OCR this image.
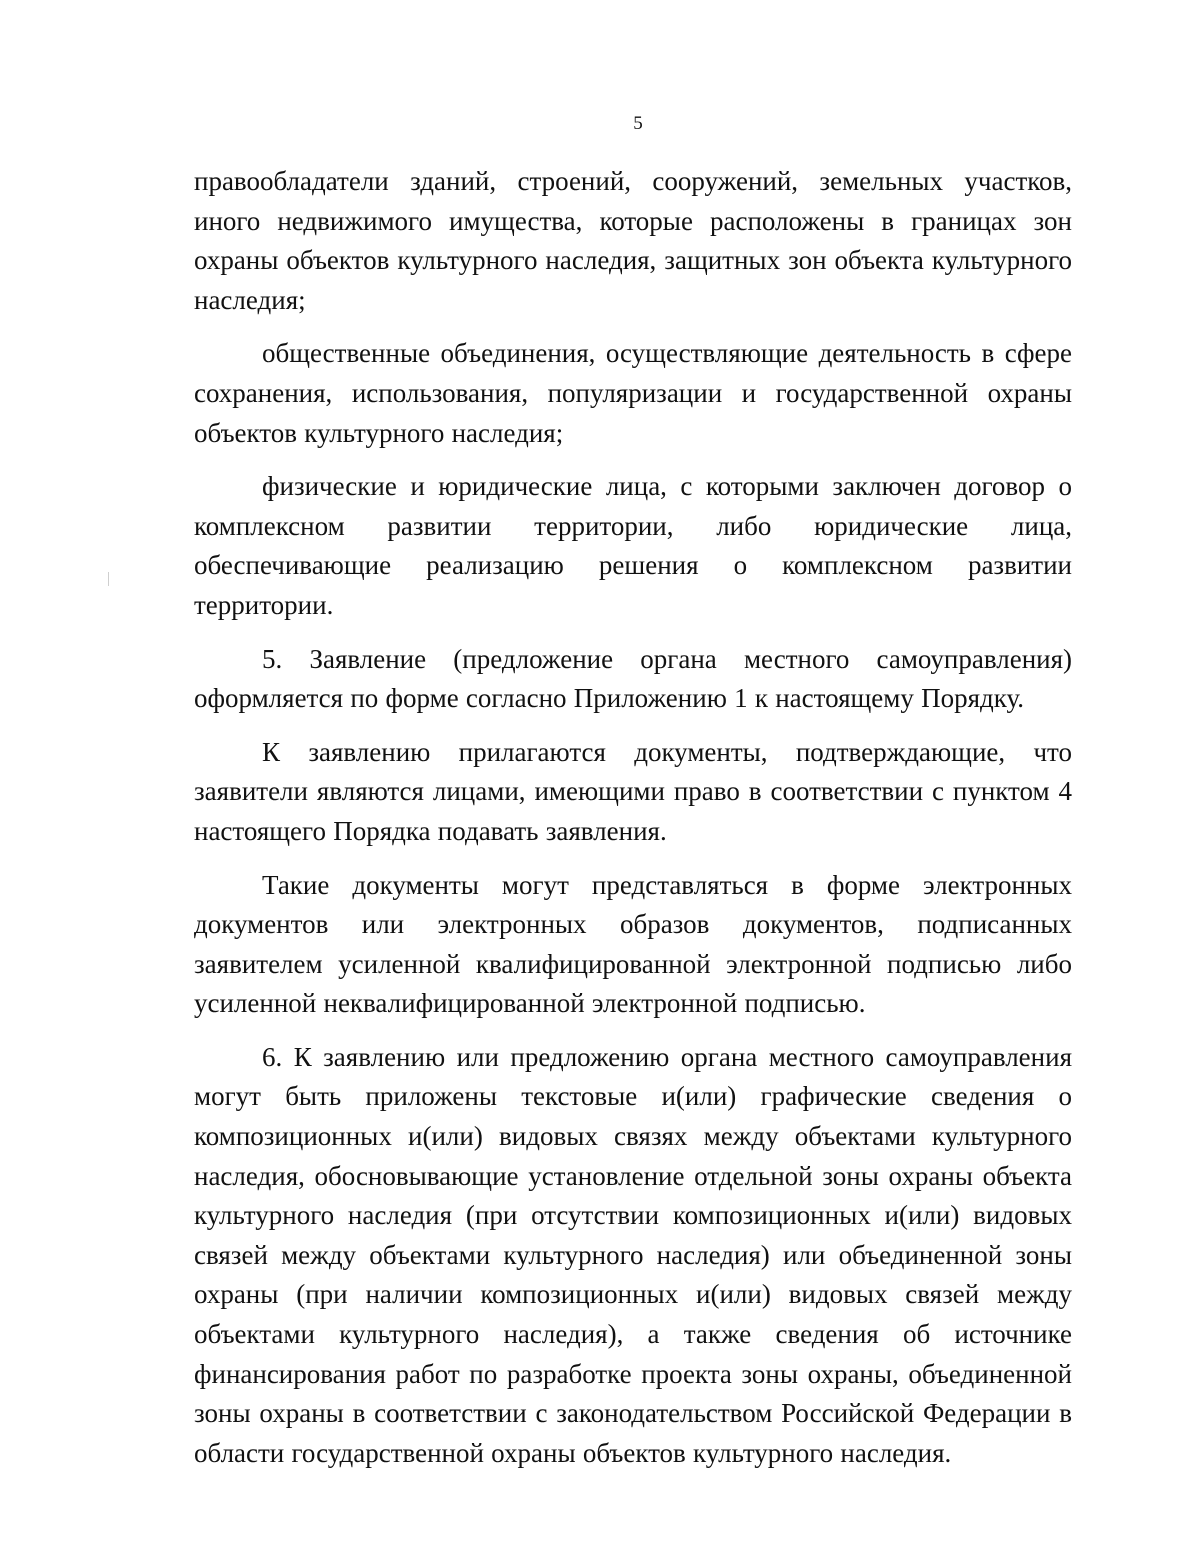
5

правообладатели зданий, строений, сооружений, земельных участков, иного недвижимого имущества, которые расположены в границах зон охраны объектов культурного наследия, защитных зон объекта культурного наследия;

общественные объединения, осуществляющие деятельность в сфере сохранения, использования, популяризации и государственной охраны объектов культурного наследия;

физические и юридические лица, с которыми заключен договор о комплексном развитии территории, либо юридические лица, обеспечивающие реализацию решения о комплексном развитии территории.

5. Заявление (предложение органа местного самоуправления) оформляется по форме согласно Приложению 1 к настоящему Порядку.

К заявлению прилагаются документы, подтверждающие, что заявители являются лицами, имеющими право в соответствии с пунктом 4 настоящего Порядка подавать заявления.

Такие документы могут представляться в форме электронных документов или электронных образов документов, подписанных заявителем усиленной квалифицированной электронной подписью либо усиленной неквалифицированной электронной подписью.

6. К заявлению или предложению органа местного самоуправления могут быть приложены текстовые и(или) графические сведения о композиционных и(или) видовых связях между объектами культурного наследия, обосновывающие установление отдельной зоны охраны объекта культурного наследия (при отсутствии композиционных и(или) видовых связей между объектами культурного наследия) или объединенной зоны охраны (при наличии композиционных и(или) видовых связей между объектами культурного наследия), а также сведения об источнике финансирования работ по разработке проекта зоны охраны, объединенной зоны охраны в соответствии с законодательством Российской Федерации в области государственной охраны объектов культурного наследия.
